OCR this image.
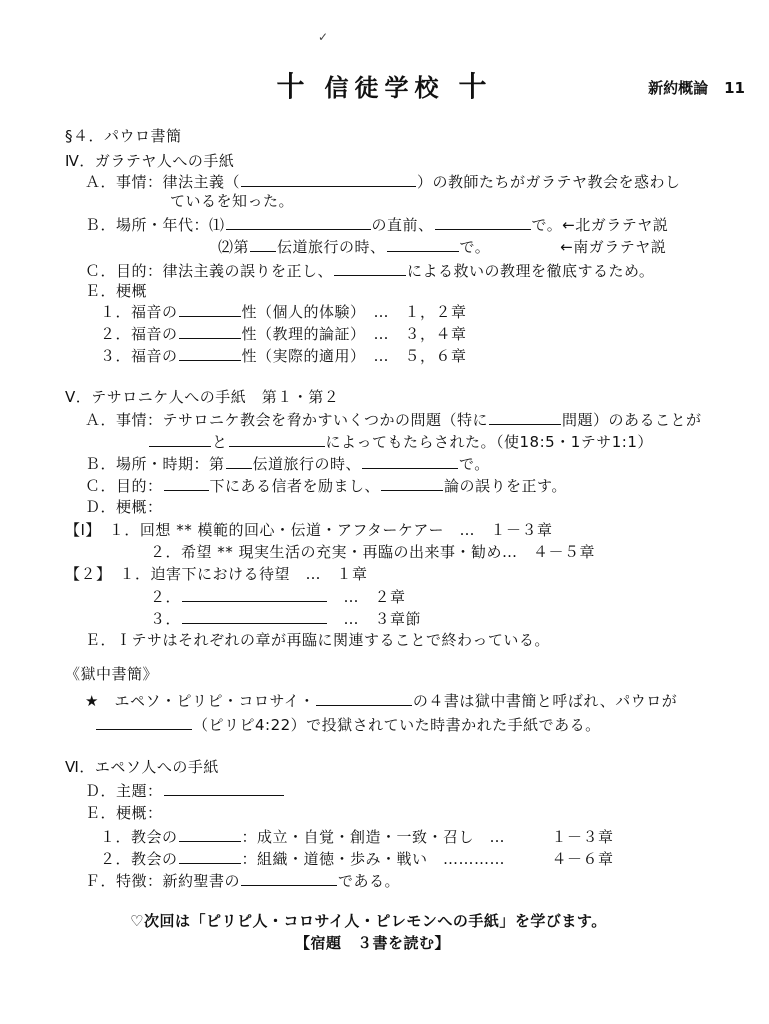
十 信徒学校 十	新約概論 11
§４．パウロ書簡
Ⅳ．ガラテヤ人への手紙
Ａ．事情：律法主義（	）の教師たちがガラテヤ教会を惑わし
ているを知った。
Ｂ．場所・年代：⑴	の直前、	で。←北ガラテヤ説
⑵第 伝道旅行の時、	で。　　　　　←南ガラテヤ説
Ｃ．目的：律法主義の誤りを正し、	による救いの教理を徹底するため。
Ｅ．梗概
１．福音の	性（個人的体験）　…　１，２章
２．福音の	性（教理的論証）　…　３，４章
３．福音の	性（実際的適用）　…　５，６章
Ⅴ．テサロニケ人への手紙　第１・第２
Ａ．事情：テサロニケ教会を脅かすいくつかの問題（特に	問題）のあることが
と	によってもたらされた。（使18:5・1テサ1:1）
Ｂ．場所・時期：第 伝道旅行の時、	で。
Ｃ．目的：	下にある信者を励まし、	論の誤りを正す。
Ｄ．梗概：
【Ⅰ】　１．回想 ** 模範的回心・伝道・アフターケアー　…　１－３章
２．希望 ** 現実生活の充実・再臨の出来事・勧め…　４－５章
【２】　１．迫害下における待望　…　１章
２．	　…　２章
３．	　…　３章節
Ｅ．Ｉテサはそれぞれの章が再臨に関連することで終わっている。
《獄中書簡》
★　エペソ・ピリピ・コロサイ・	の４書は獄中書簡と呼ばれ、パウロが
（ピリピ4:22）で投獄されていた時書かれた手紙である。
Ⅵ．エペソ人への手紙
Ｄ．主題：
Ｅ．梗概：
１．教会の	：成立・自覚・創造・一致・召し　…　　　１－３章
２．教会の	：組織・道徳・歩み・戦い　…………　　　４－６章
Ｆ．特徴：新約聖書の	である。
♡次回は「ピリピ人・コロサイ人・ピレモンへの手紙」を学びます。
【宿題　３書を読む】
✓
